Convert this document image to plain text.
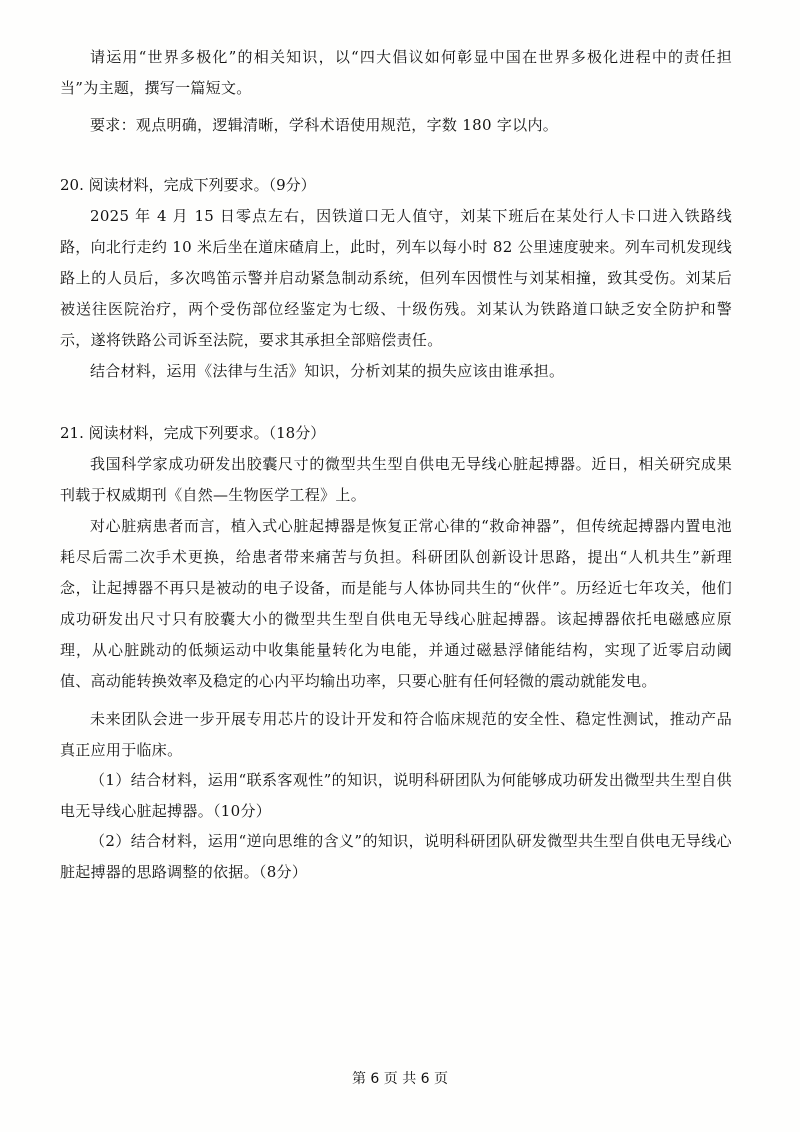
请运用“世界多极化”的相关知识，以“四大倡议如何彰显中国在世界多极化进程中的责任担当”为主题，撰写一篇短文。

要求：观点明确，逻辑清晰，学科术语使用规范，字数 180 字以内。

20. 阅读材料，完成下列要求。（9分）

2025 年 4 月 15 日零点左右，因铁道口无人值守，刘某下班后在某处行人卡口进入铁路线路，向北行走约 10 米后坐在道床碴肩上，此时，列车以每小时 82 公里速度驶来。列车司机发现线路上的人员后，多次鸣笛示警并启动紧急制动系统，但列车因惯性与刘某相撞，致其受伤。刘某后被送往医院治疗，两个受伤部位经鉴定为七级、十级伤残。刘某认为铁路道口缺乏安全防护和警示，遂将铁路公司诉至法院，要求其承担全部赔偿责任。

结合材料，运用《法律与生活》知识，分析刘某的损失应该由谁承担。

21. 阅读材料，完成下列要求。（18分）

我国科学家成功研发出胶囊尺寸的微型共生型自供电无导线心脏起搏器。近日，相关研究成果刊载于权威期刊《自然—生物医学工程》上。

对心脏病患者而言，植入式心脏起搏器是恢复正常心律的“救命神器”，但传统起搏器内置电池耗尽后需二次手术更换，给患者带来痛苦与负担。科研团队创新设计思路，提出“人机共生”新理念，让起搏器不再只是被动的电子设备，而是能与人体协同共生的“伙伴”。历经近七年攻关，他们成功研发出尺寸只有胶囊大小的微型共生型自供电无导线心脏起搏器。该起搏器依托电磁感应原理，从心脏跳动的低频运动中收集能量转化为电能，并通过磁悬浮储能结构，实现了近零启动阈值、高动能转换效率及稳定的心内平均输出功率，只要心脏有任何轻微的震动就能发电。

未来团队会进一步开展专用芯片的设计开发和符合临床规范的安全性、稳定性测试，推动产品真正应用于临床。

（1）结合材料，运用“联系客观性”的知识，说明科研团队为何能够成功研发出微型共生型自供电无导线心脏起搏器。（10分）

（2）结合材料，运用“逆向思维的含义”的知识，说明科研团队研发微型共生型自供电无导线心脏起搏器的思路调整的依据。（8分）

第 6 页 共 6 页
